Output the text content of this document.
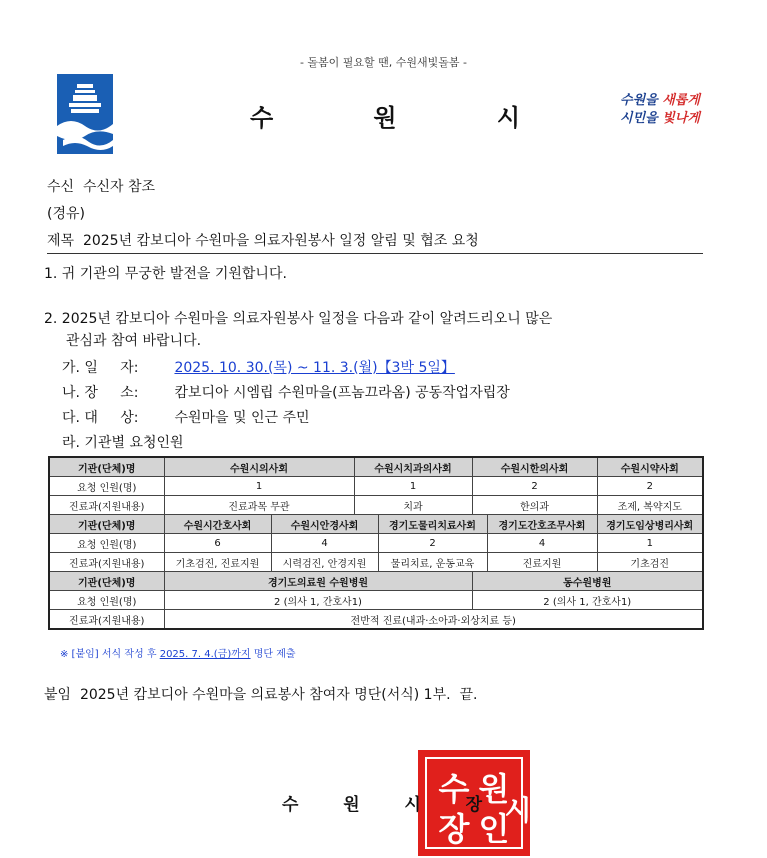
- 돌봄이 필요할 땐, 수원새빛돌봄 -
수	원	시
수원을 새롭게
시민을 빛나게
수신  수신자 참조
(경유)
제목  2025년 캄보디아 수원마을 의료자원봉사 일정 알림 및 협조 요청
1. 귀 기관의 무궁한 발전을 기원합니다.
2. 2025년 캄보디아 수원마을 의료자원봉사 일정을 다음과 같이 알려드리오니 많은
관심과 참여 바랍니다.
가. 일     자:	2025. 10. 30.(목) ~ 11. 3.(월)【3박 5일】
나. 장     소:	캄보디아 시엠립 수원마을(프놈끄라옴) 공동작업자립장
다. 대     상:	수원마을 및 인근 주민
라. 기관별 요청인원
기관(단체)명	수원시의사회		수원시치과의사회		수원시한의사회		수원시약사회
요청 인원(명)	1		1		2		2
진료과(지원내용)	진료과목 무관		치과		한의과		조제, 복약지도
기관(단체)명	수원시간호사회	수원시안경사회		경기도물리치료사회		경기도간호조무사회	경기도임상병리사회
요청 인원(명)	6	4		2		4	1
진료과(지원내용)	기초검진, 진료지원	시력검진, 안경지원		물리치료, 운동교육		진료지원	기초검진
기관(단체)명	경기도의료원 수원병원				동수원병원		
요청 인원(명)	2 (의사 1, 간호사1)				2 (의사 1, 간호사1)		
진료과(지원내용)	전반적 진료(내과·소아과·외상치료 등)						
※ [붙임] 서식 작성 후 2025. 7. 4.(금)까지 명단 제출
붙임  2025년 캄보디아 수원마을 의료봉사 참여자 명단(서식) 1부.  끝.
수 원
장 인
시
수	원	시	장
